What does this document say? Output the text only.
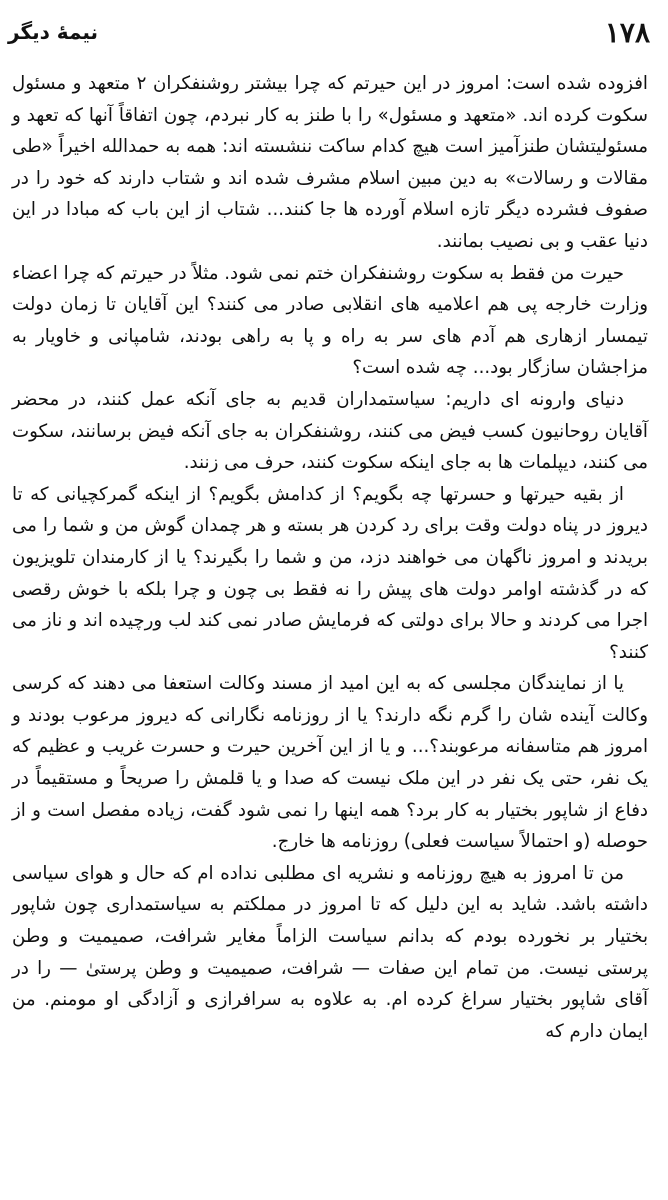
۱۷۸
نیمهٔ دیگر

افزوده شده است: امروز در این حیرتم که چرا بیشتر روشنفکران ۲ متعهد و مسئول سکوت کرده اند. «متعهد و مسئول» را با طنز به کار نبردم، چون اتفاقاً آنها که تعهد و مسئولیتشان طنزآمیز است هیچ کدام ساکت ننشسته اند: همه به حمدالله اخیراً «طی مقالات و رسالات» به دین مبین اسلام مشرف شده اند و شتاب دارند که خود را در صفوف فشرده دیگر تازه اسلام آورده ها جا کنند... شتاب از این باب که مبادا در این دنیا عقب و بی نصیب بمانند.

حیرت من فقط به سکوت روشنفکران ختم نمی شود. مثلاً در حیرتم که چرا اعضاء وزارت خارجه پی هم اعلامیه های انقلابی صادر می کنند؟ این آقایان تا زمان دولت تیمسار ازهاری هم آدم های سر به راه و پا به راهی بودند، شامپانی و خاویار به مزاجشان سازگار بود... چه شده است؟

دنیای وارونه ای داریم: سیاستمداران قدیم به جای آنکه عمل کنند، در محضر آقایان روحانیون کسب فیض می کنند، روشنفکران به جای آنکه فیض برسانند، سکوت می کنند، دیپلمات ها به جای اینکه سکوت کنند، حرف می زنند.

از بقیه حیرتها و حسرتها چه بگویم؟ از کدامش بگویم؟ از اینکه گمرکچیانی که تا دیروز در پناه دولت وقت برای رد کردن هر بسته و هر چمدان گوش من و شما را می بریدند و امروز ناگهان می خواهند دزد، من و شما را بگیرند؟ یا از کارمندان تلویزیون که در گذشته اوامر دولت های پیش را نه فقط بی چون و چرا بلکه با خوش رقصی اجرا می کردند و حالا برای دولتی که فرمایش صادر نمی کند لب ورچیده اند و ناز می کنند؟

یا از نمایندگان مجلسی که به این امید از مسند وکالت استعفا می دهند که کرسی وکالت آینده شان را گرم نگه دارند؟ یا از روزنامه نگارانی که دیروز مرعوب بودند و امروز هم متاسفانه مرعوبند؟... و یا از این آخرین حیرت و حسرت غریب و عظیم که یک نفر، حتی یک نفر در این ملک نیست که صدا و یا قلمش را صریحاً و مستقیماً در دفاع از شاپور بختیار به کار برد؟ همه اینها را نمی شود گفت، زیاده مفصل است و از حوصله (و احتمالاً سیاست فعلی) روزنامه ها خارج.

من تا امروز به هیچ روزنامه و نشریه ای مطلبی نداده ام که حال و هوای سیاسی داشته باشد. شاید به این دلیل که تا امروز در مملکتم به سیاستمداری چون شاپور بختیار بر نخورده بودم که بدانم سیاست الزاماً مغایر شرافت، صمیمیت و وطن پرستی نیست. من تمام این صفات — شرافت، صمیمیت و وطن پرستیٰ — را در آقای شاپور بختیار سراغ کرده ام. به علاوه به سرافرازی و آزادگی او مومنم. من ایمان دارم که
